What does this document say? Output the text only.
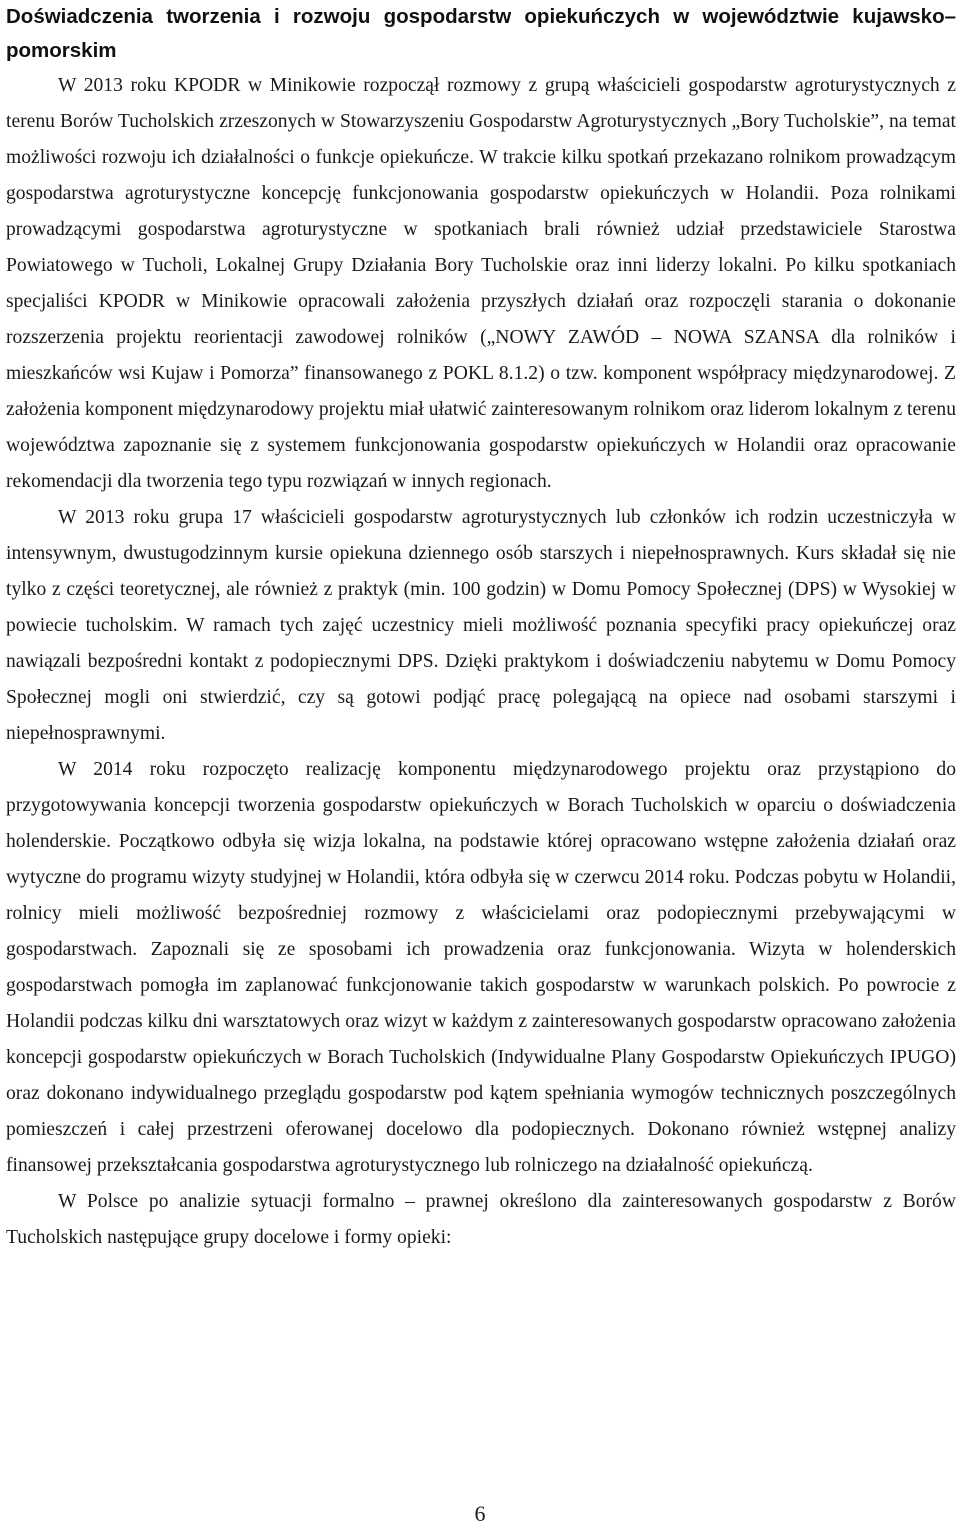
Doświadczenia tworzenia i rozwoju gospodarstw opiekuńczych w województwie kujawsko– pomorskim

W 2013 roku KPODR w Minikowie rozpoczął rozmowy z grupą właścicieli gospodarstw agroturystycznych z terenu Borów Tucholskich zrzeszonych w Stowarzyszeniu Gospodarstw Agroturystycznych „Bory Tucholskie”, na temat możliwości rozwoju ich działalności o funkcje opiekuńcze. W trakcie kilku spotkań przekazano rolnikom prowadzącym gospodarstwa agroturystyczne koncepcję funkcjonowania gospodarstw opiekuńczych w Holandii. Poza rolnikami prowadzącymi gospodarstwa agroturystyczne w spotkaniach brali również udział przedstawiciele Starostwa Powiatowego w Tucholi, Lokalnej Grupy Działania Bory Tucholskie oraz inni liderzy lokalni. Po kilku spotkaniach specjaliści KPODR w Minikowie opracowali założenia przyszłych działań oraz rozpoczęli starania o dokonanie rozszerzenia projektu reorientacji zawodowej rolników („NOWY ZAWÓD – NOWA SZANSA dla rolników i mieszkańców wsi Kujaw i Pomorza” finansowanego z POKL 8.1.2) o tzw. komponent współpracy międzynarodowej. Z założenia komponent międzynarodowy projektu miał ułatwić zainteresowanym rolnikom oraz liderom lokalnym z terenu województwa zapoznanie się z systemem funkcjonowania gospodarstw opiekuńczych w Holandii oraz opracowanie rekomendacji dla tworzenia tego typu rozwiązań w innych regionach.

W 2013 roku grupa 17 właścicieli gospodarstw agroturystycznych lub członków ich rodzin uczestniczyła w intensywnym, dwustugodzinnym kursie opiekuna dziennego osób starszych i niepełnosprawnych. Kurs składał się nie tylko z części teoretycznej, ale również z praktyk (min. 100 godzin) w Domu Pomocy Społecznej (DPS) w Wysokiej w powiecie tucholskim. W ramach tych zajęć uczestnicy mieli możliwość poznania specyfiki pracy opiekuńczej oraz nawiązali bezpośredni kontakt z podopiecznymi DPS. Dzięki praktykom i doświadczeniu nabytemu w Domu Pomocy Społecznej mogli oni stwierdzić, czy są gotowi podjąć pracę polegającą na opiece nad osobami starszymi i niepełnosprawnymi.

W 2014 roku rozpoczęto realizację komponentu międzynarodowego projektu oraz przystąpiono do przygotowywania koncepcji tworzenia gospodarstw opiekuńczych w Borach Tucholskich w oparciu o doświadczenia holenderskie. Początkowo odbyła się wizja lokalna, na podstawie której opracowano wstępne założenia działań oraz wytyczne do programu wizyty studyjnej w Holandii, która odbyła się w czerwcu 2014 roku. Podczas pobytu w Holandii, rolnicy mieli możliwość bezpośredniej rozmowy z właścicielami oraz podopiecznymi przebywającymi w gospodarstwach. Zapoznali się ze sposobami ich prowadzenia oraz funkcjonowania. Wizyta w holenderskich gospodarstwach pomogła im zaplanować funkcjonowanie takich gospodarstw w warunkach polskich. Po powrocie z Holandii podczas kilku dni warsztatowych oraz wizyt w każdym z zainteresowanych gospodarstw opracowano założenia koncepcji gospodarstw opiekuńczych w Borach Tucholskich (Indywidualne Plany Gospodarstw Opiekuńczych IPUGO) oraz dokonano indywidualnego przeglądu gospodarstw pod kątem spełniania wymogów technicznych poszczególnych pomieszczeń i całej przestrzeni oferowanej docelowo dla podopiecznych. Dokonano również wstępnej analizy finansowej przekształcania gospodarstwa agroturystycznego lub rolniczego na działalność opiekuńczą.

W Polsce po analizie sytuacji formalno – prawnej określono dla zainteresowanych gospodarstw z Borów Tucholskich następujące grupy docelowe i formy opieki:

6
